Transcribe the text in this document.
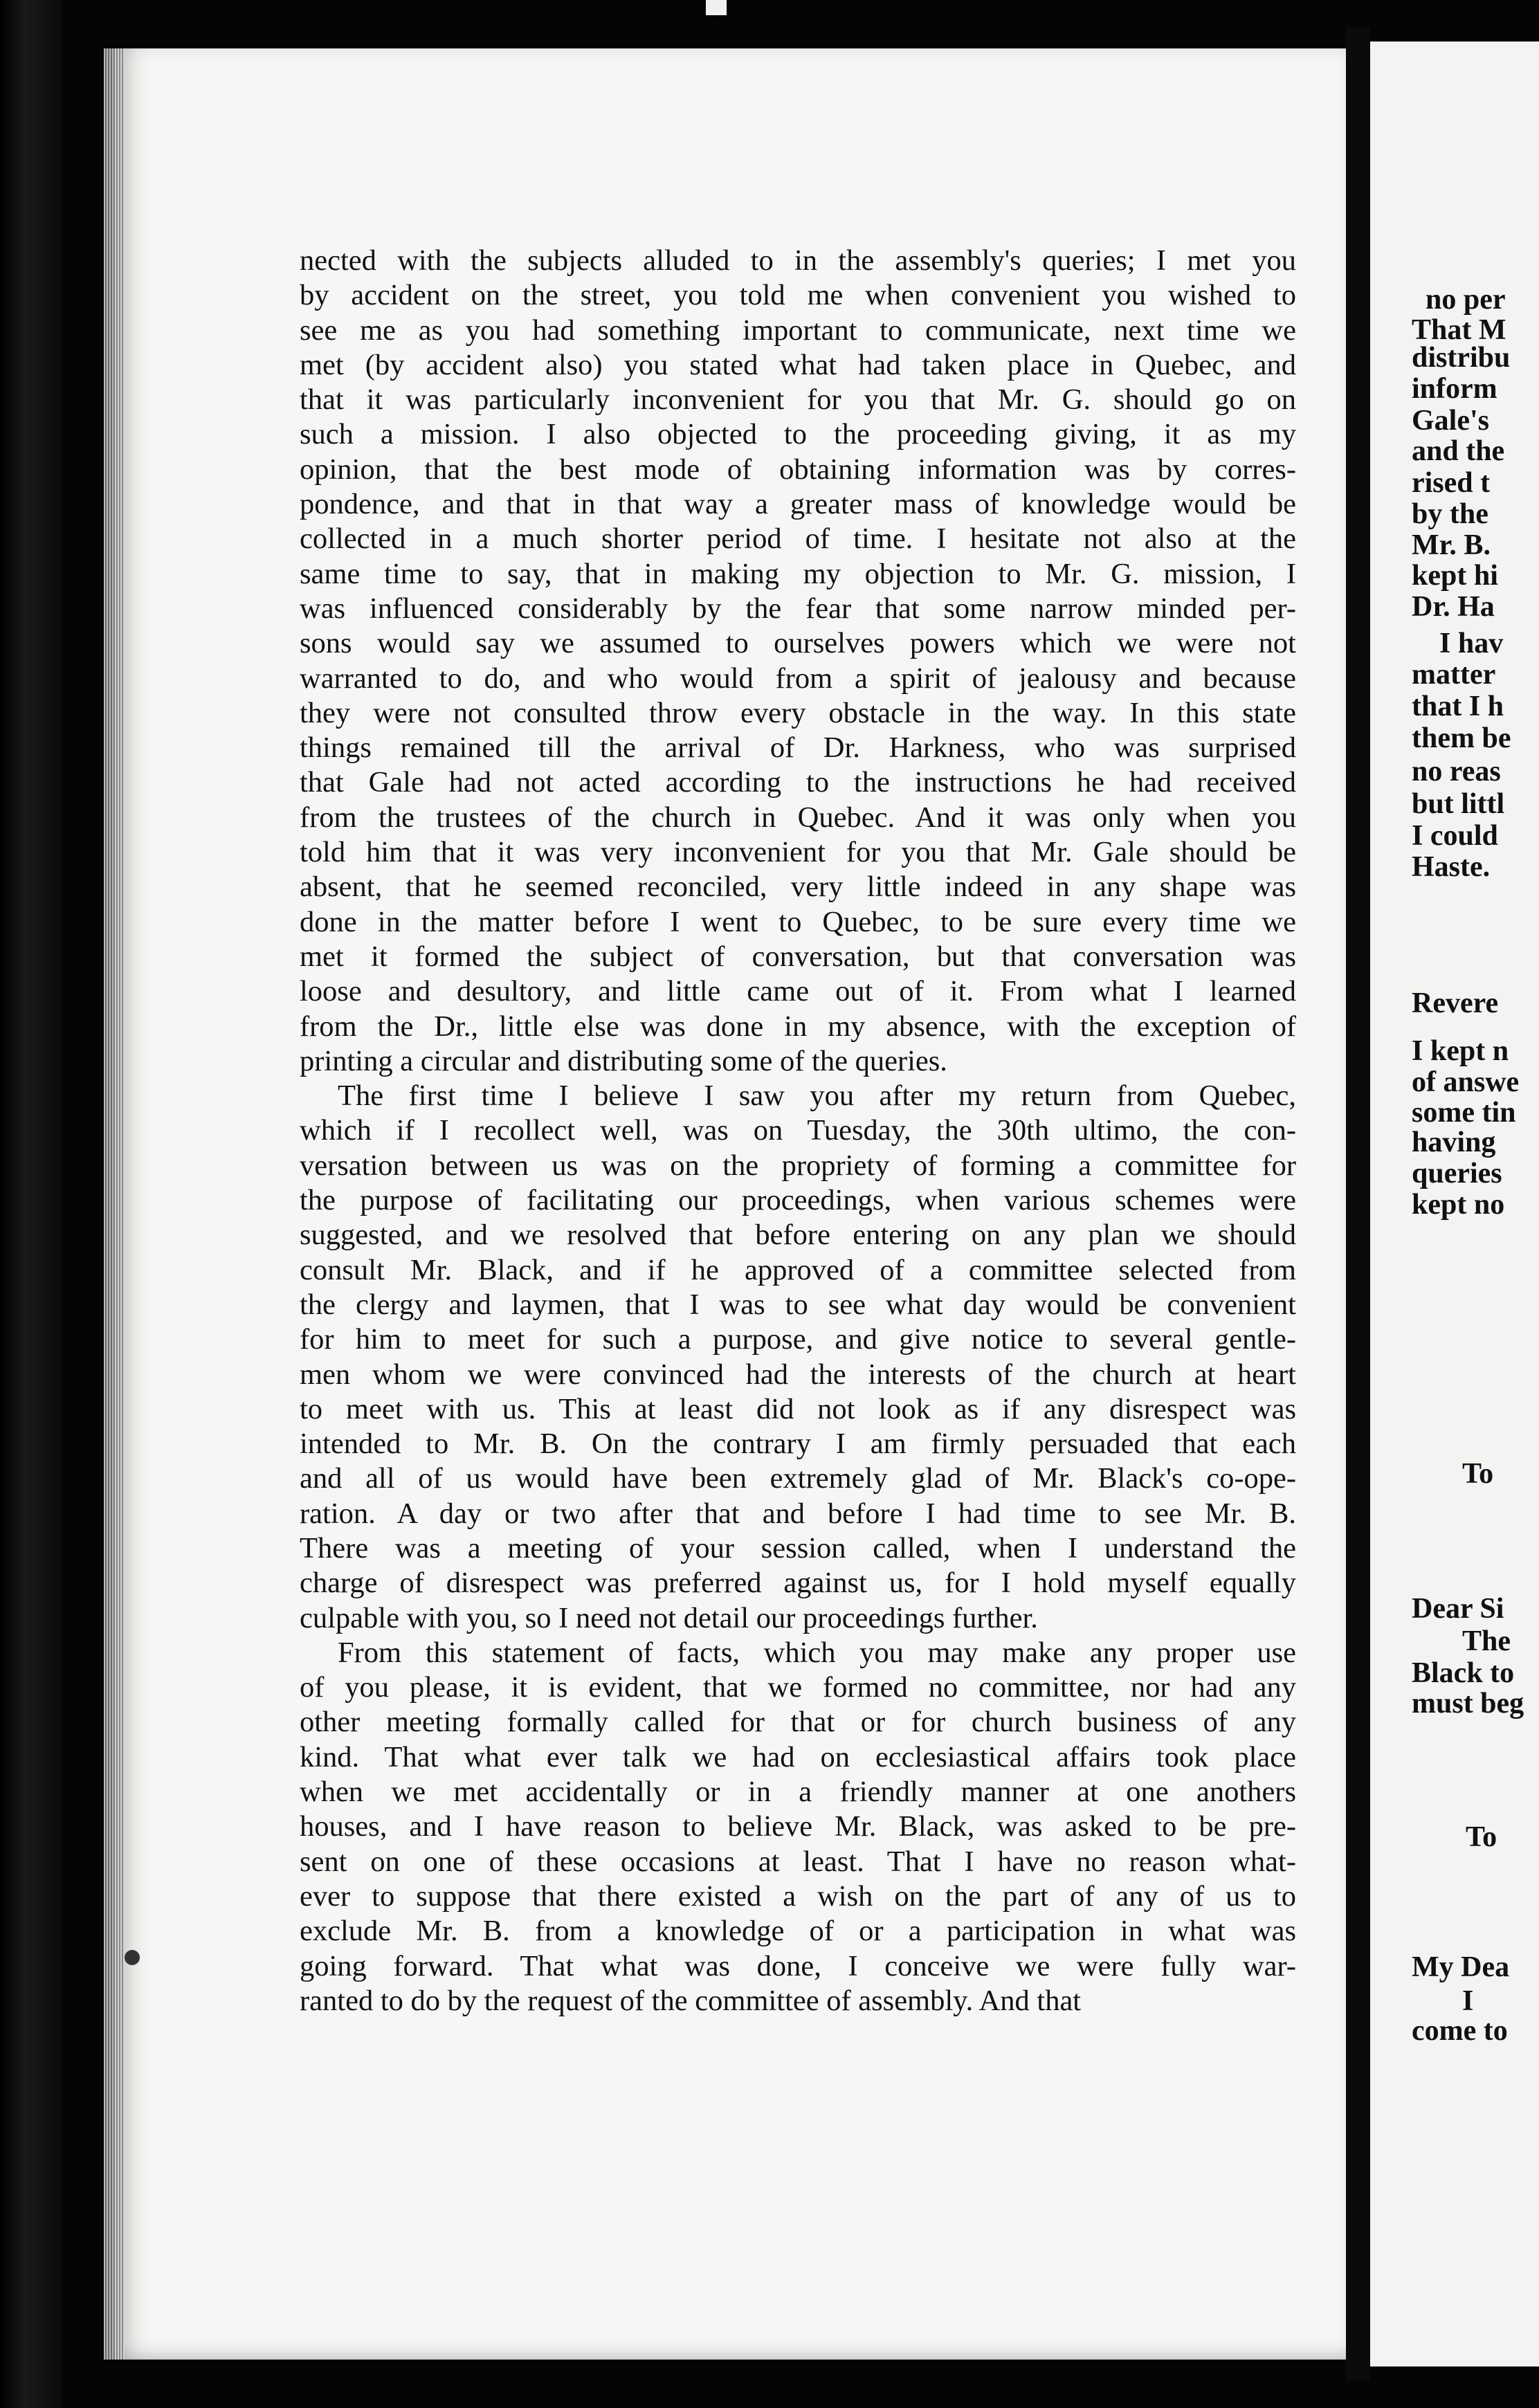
nected with the subjects alluded to in the assembly's queries; I met you
by accident on the street, you told me when convenient you wished to
see me as you had something important to communicate, next time we
met (by accident also) you stated what had taken place in Quebec, and
that it was particularly inconvenient for you that Mr. G. should go on
such a mission. I also objected to the proceeding giving, it as my
opinion, that the best mode of obtaining information was by corres-
pondence, and that in that way a greater mass of knowledge would be
collected in a much shorter period of time. I hesitate not also at the
same time to say, that in making my objection to Mr. G. mission, I
was influenced considerably by the fear that some narrow minded per-
sons would say we assumed to ourselves powers which we were not
warranted to do, and who would from a spirit of jealousy and because
they were not consulted throw every obstacle in the way. In this state
things remained till the arrival of Dr. Harkness, who was surprised
that Gale had not acted according to the instructions he had received
from the trustees of the church in Quebec. And it was only when you
told him that it was very inconvenient for you that Mr. Gale should be
absent, that he seemed reconciled, very little indeed in any shape was
done in the matter before I went to Quebec, to be sure every time we
met it formed the subject of conversation, but that conversation was
loose and desultory, and little came out of it. From what I learned
from the Dr., little else was done in my absence, with the exception of
printing a circular and distributing some of the queries.
The first time I believe I saw you after my return from Quebec,
which if I recollect well, was on Tuesday, the 30th ultimo, the con-
versation between us was on the propriety of forming a committee for
the purpose of facilitating our proceedings, when various schemes were
suggested, and we resolved that before entering on any plan we should
consult Mr. Black, and if he approved of a committee selected from
the clergy and laymen, that I was to see what day would be convenient
for him to meet for such a purpose, and give notice to several gentle-
men whom we were convinced had the interests of the church at heart
to meet with us. This at least did not look as if any disrespect was
intended to Mr. B. On the contrary I am firmly persuaded that each
and all of us would have been extremely glad of Mr. Black's co-ope-
ration. A day or two after that and before I had time to see Mr. B.
There was a meeting of your session called, when I understand the
charge of disrespect was preferred against us, for I hold myself equally
culpable with you, so I need not detail our proceedings further.
From this statement of facts, which you may make any proper use
of you please, it is evident, that we formed no committee, nor had any
other meeting formally called for that or for church business of any
kind. That what ever talk we had on ecclesiastical affairs took place
when we met accidentally or in a friendly manner at one anothers
houses, and I have reason to believe Mr. Black, was asked to be pre-
sent on one of these occasions at least. That I have no reason what-
ever to suppose that there existed a wish on the part of any of us to
exclude Mr. B. from a knowledge of or a participation in what was
going forward. That what was done, I conceive we were fully war-
ranted to do by the request of the committee of assembly. And that
no per
That M
distribu
inform
Gale's
and the
rised t
by the
Mr. B.
kept hi
Dr. Ha
I hav
matter
that I h
them be
no reas
but littl
I could
Haste.
Revere
I kept n
of answe
some tin
having
queries
kept no
To
Dear Si
The
Black to
must beg
To
My Dea
I
come to
